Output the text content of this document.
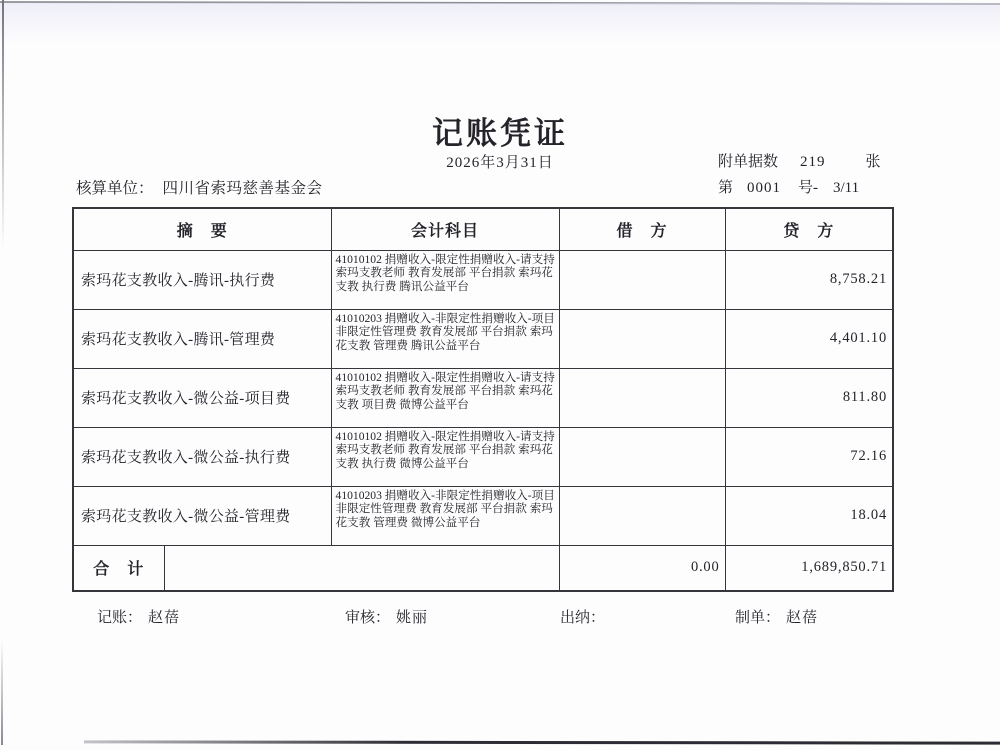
记账凭证
2026年3月31日	附单据数 219	张
核算单位： 四川省索玛慈善基金会	第 0001 号- 3/11
摘　要		会计科目	借　方	贷　方
索玛花支教收入-腾讯-执行费		41010102 捐赠收入-限定性捐赠收入-请支持索玛支教老师 教育发展部 平台捐款 索玛花支教 执行费 腾讯公益平台		8,758.21
索玛花支教收入-腾讯-管理费		41010203 捐赠收入-非限定性捐赠收入-项目非限定性管理费 教育发展部 平台捐款 索玛花支教 管理费 腾讯公益平台		4,401.10
索玛花支教收入-微公益-项目费		41010102 捐赠收入-限定性捐赠收入-请支持索玛支教老师 教育发展部 平台捐款 索玛花支教 项目费 微博公益平台		811.80
索玛花支教收入-微公益-执行费		41010102 捐赠收入-限定性捐赠收入-请支持索玛支教老师 教育发展部 平台捐款 索玛花支教 执行费 微博公益平台		72.16
索玛花支教收入-微公益-管理费		41010203 捐赠收入-非限定性捐赠收入-项目非限定性管理费 教育发展部 平台捐款 索玛花支教 管理费 微博公益平台		18.04
合　计			0.00	1,689,850.71
记账： 赵蓓	审核： 姚丽	出纳：	制单： 赵蓓
